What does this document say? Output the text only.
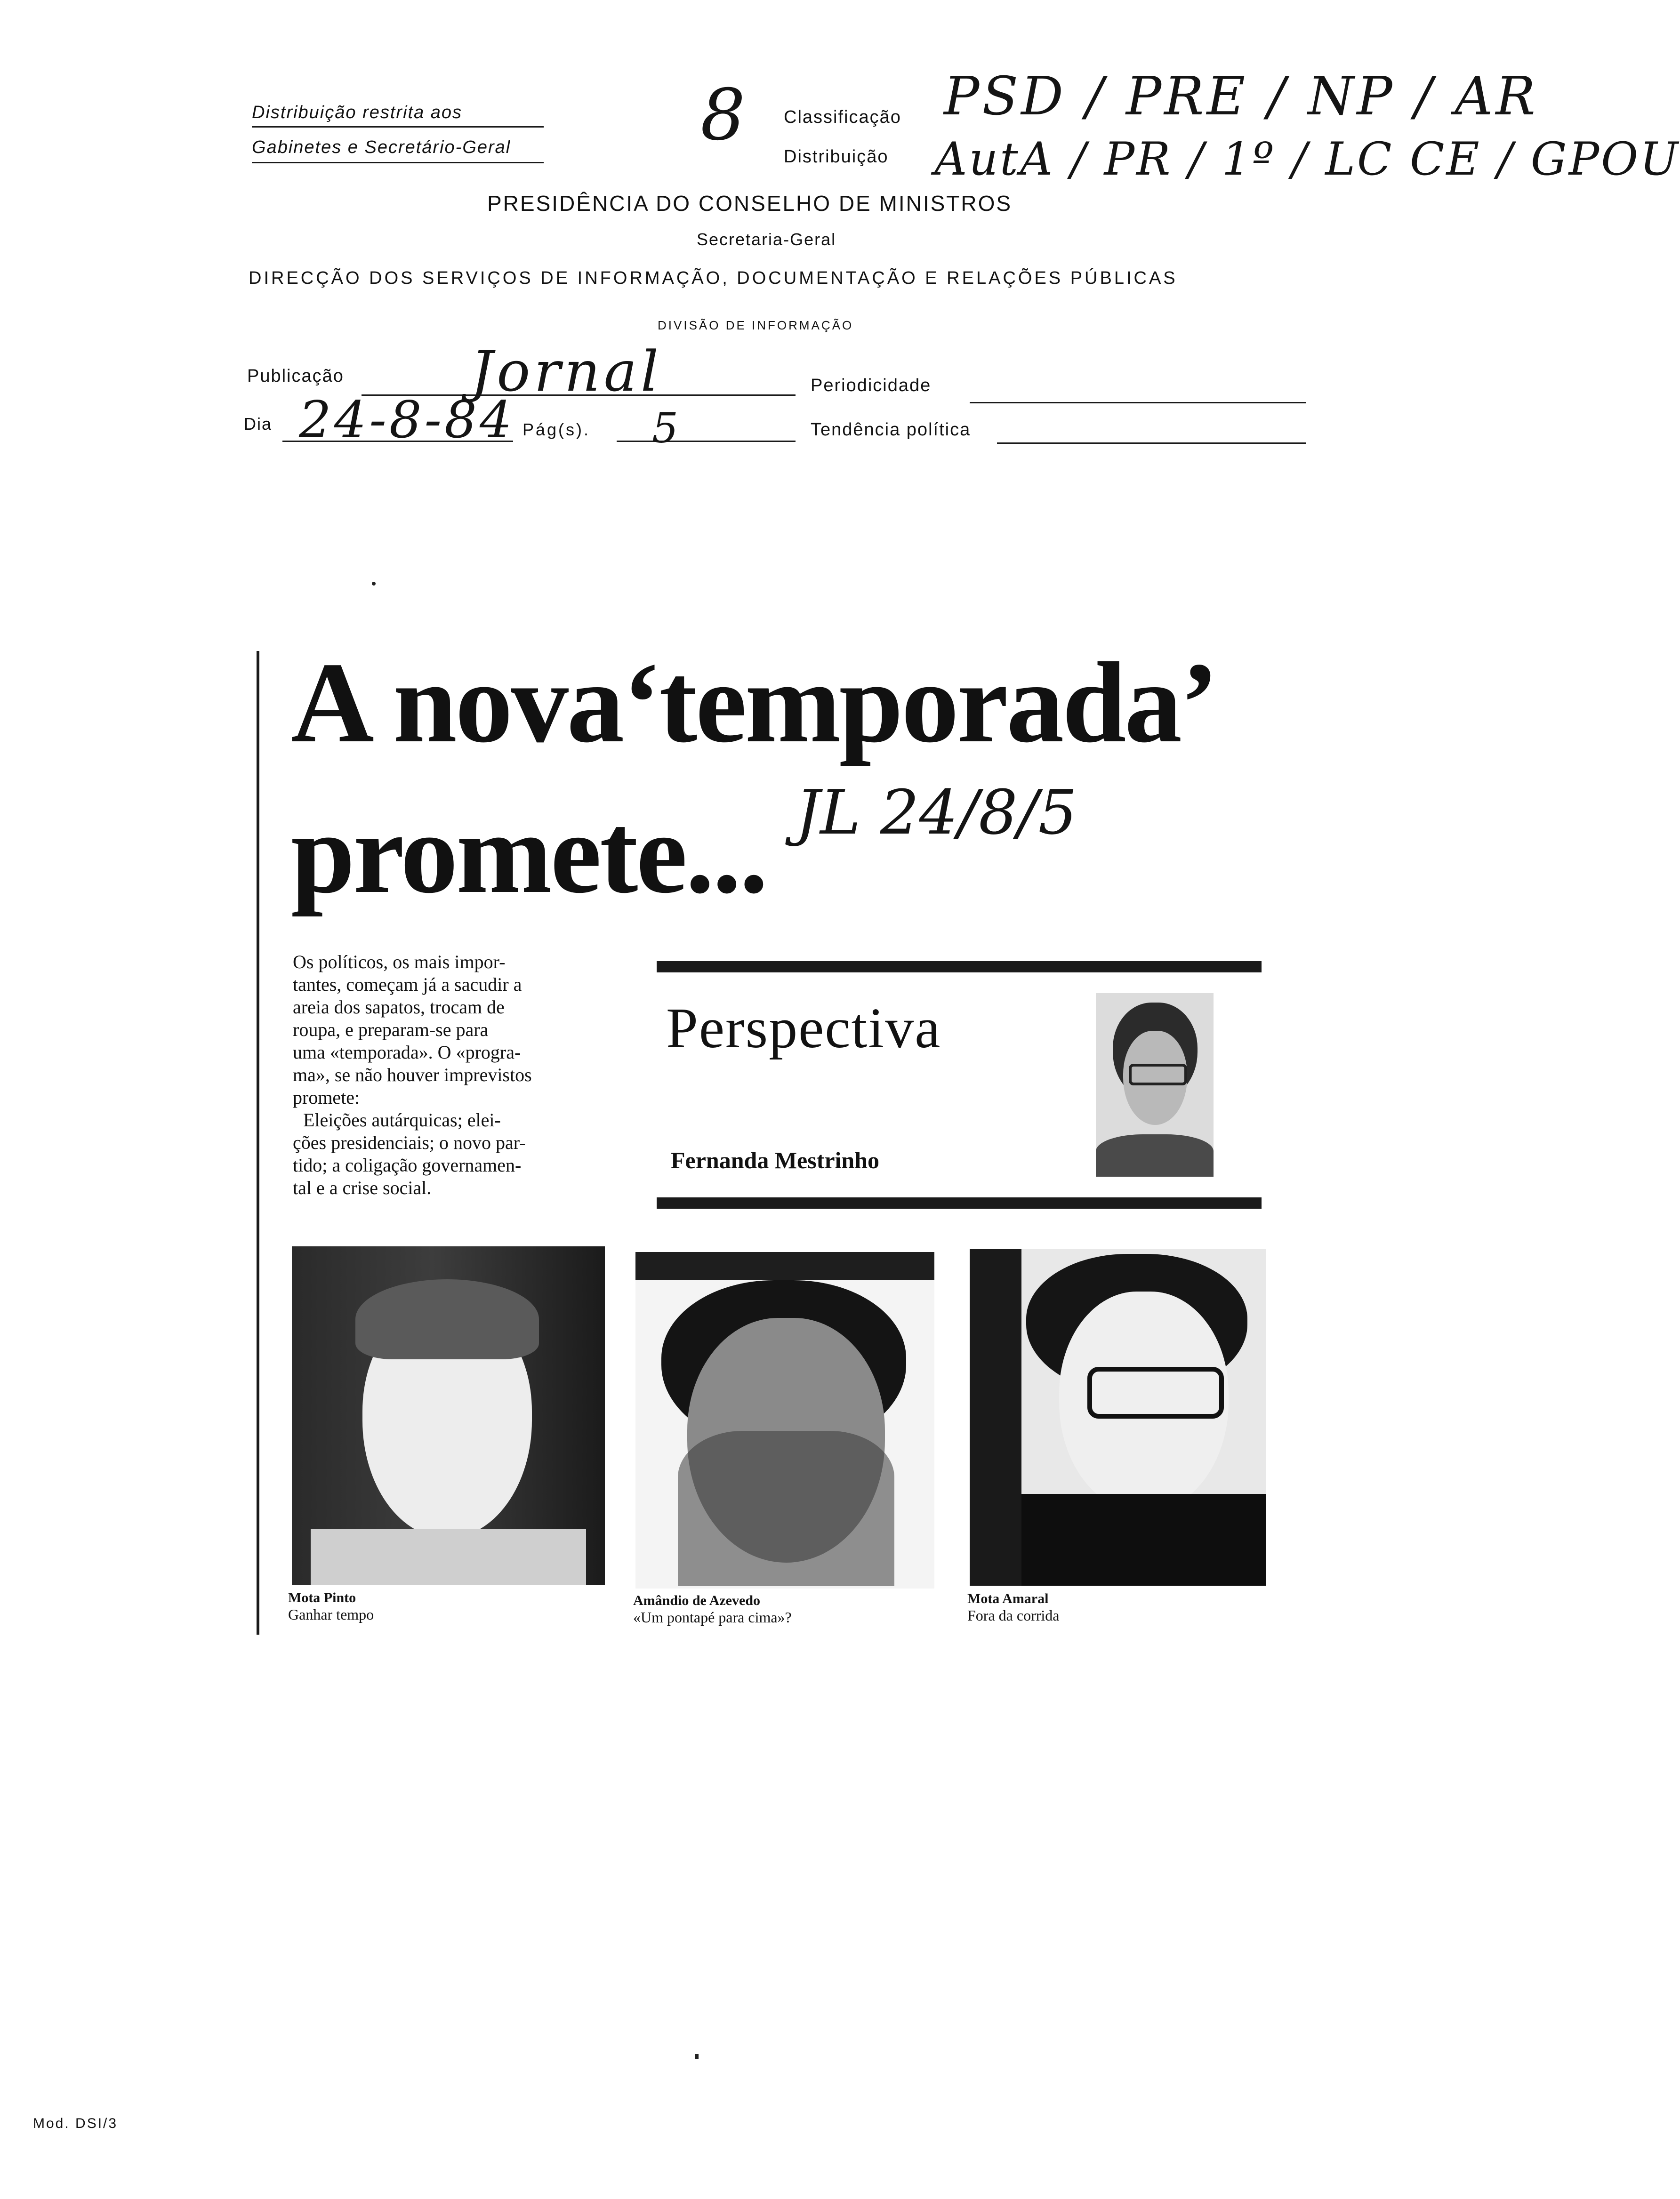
Distribuição restrita aos
Gabinetes e Secretário-Geral	8 Classificação PSD / PRE / NP / AR
Distribuição AutA / PR / 1º / LC CE / GPOU
PRESIDÊNCIA DO CONSELHO DE MINISTROS
Secretaria-Geral
DIRECÇÃO DOS SERVIÇOS DE INFORMAÇÃO, DOCUMENTAÇÃO E RELAÇÕES PÚBLICAS
DIVISÃO DE INFORMAÇÃO
Publicação Jornal	Periodicidade
Dia 24-8-84 Pág(s). 5	Tendência política
A nova‘temporada’
promete... JL 24/8/5
Os políticos, os mais impor-
tantes, começam já a sacudir a
areia dos sapatos, trocam de
roupa, e preparam-se para
uma «temporada». O «progra-
ma», se não houver imprevistos
promete:
Eleições autárquicas; elei-
ções presidenciais; o novo par-
tido; a coligação governamen-
tal e a crise social.
Perspectiva
Fernanda Mestrinho
Mota Pinto
Ganhar tempo
Amândio de Azevedo
«Um pontapé para cima»?
Mota Amaral
Fora da corrida
Mod. DSI/3
